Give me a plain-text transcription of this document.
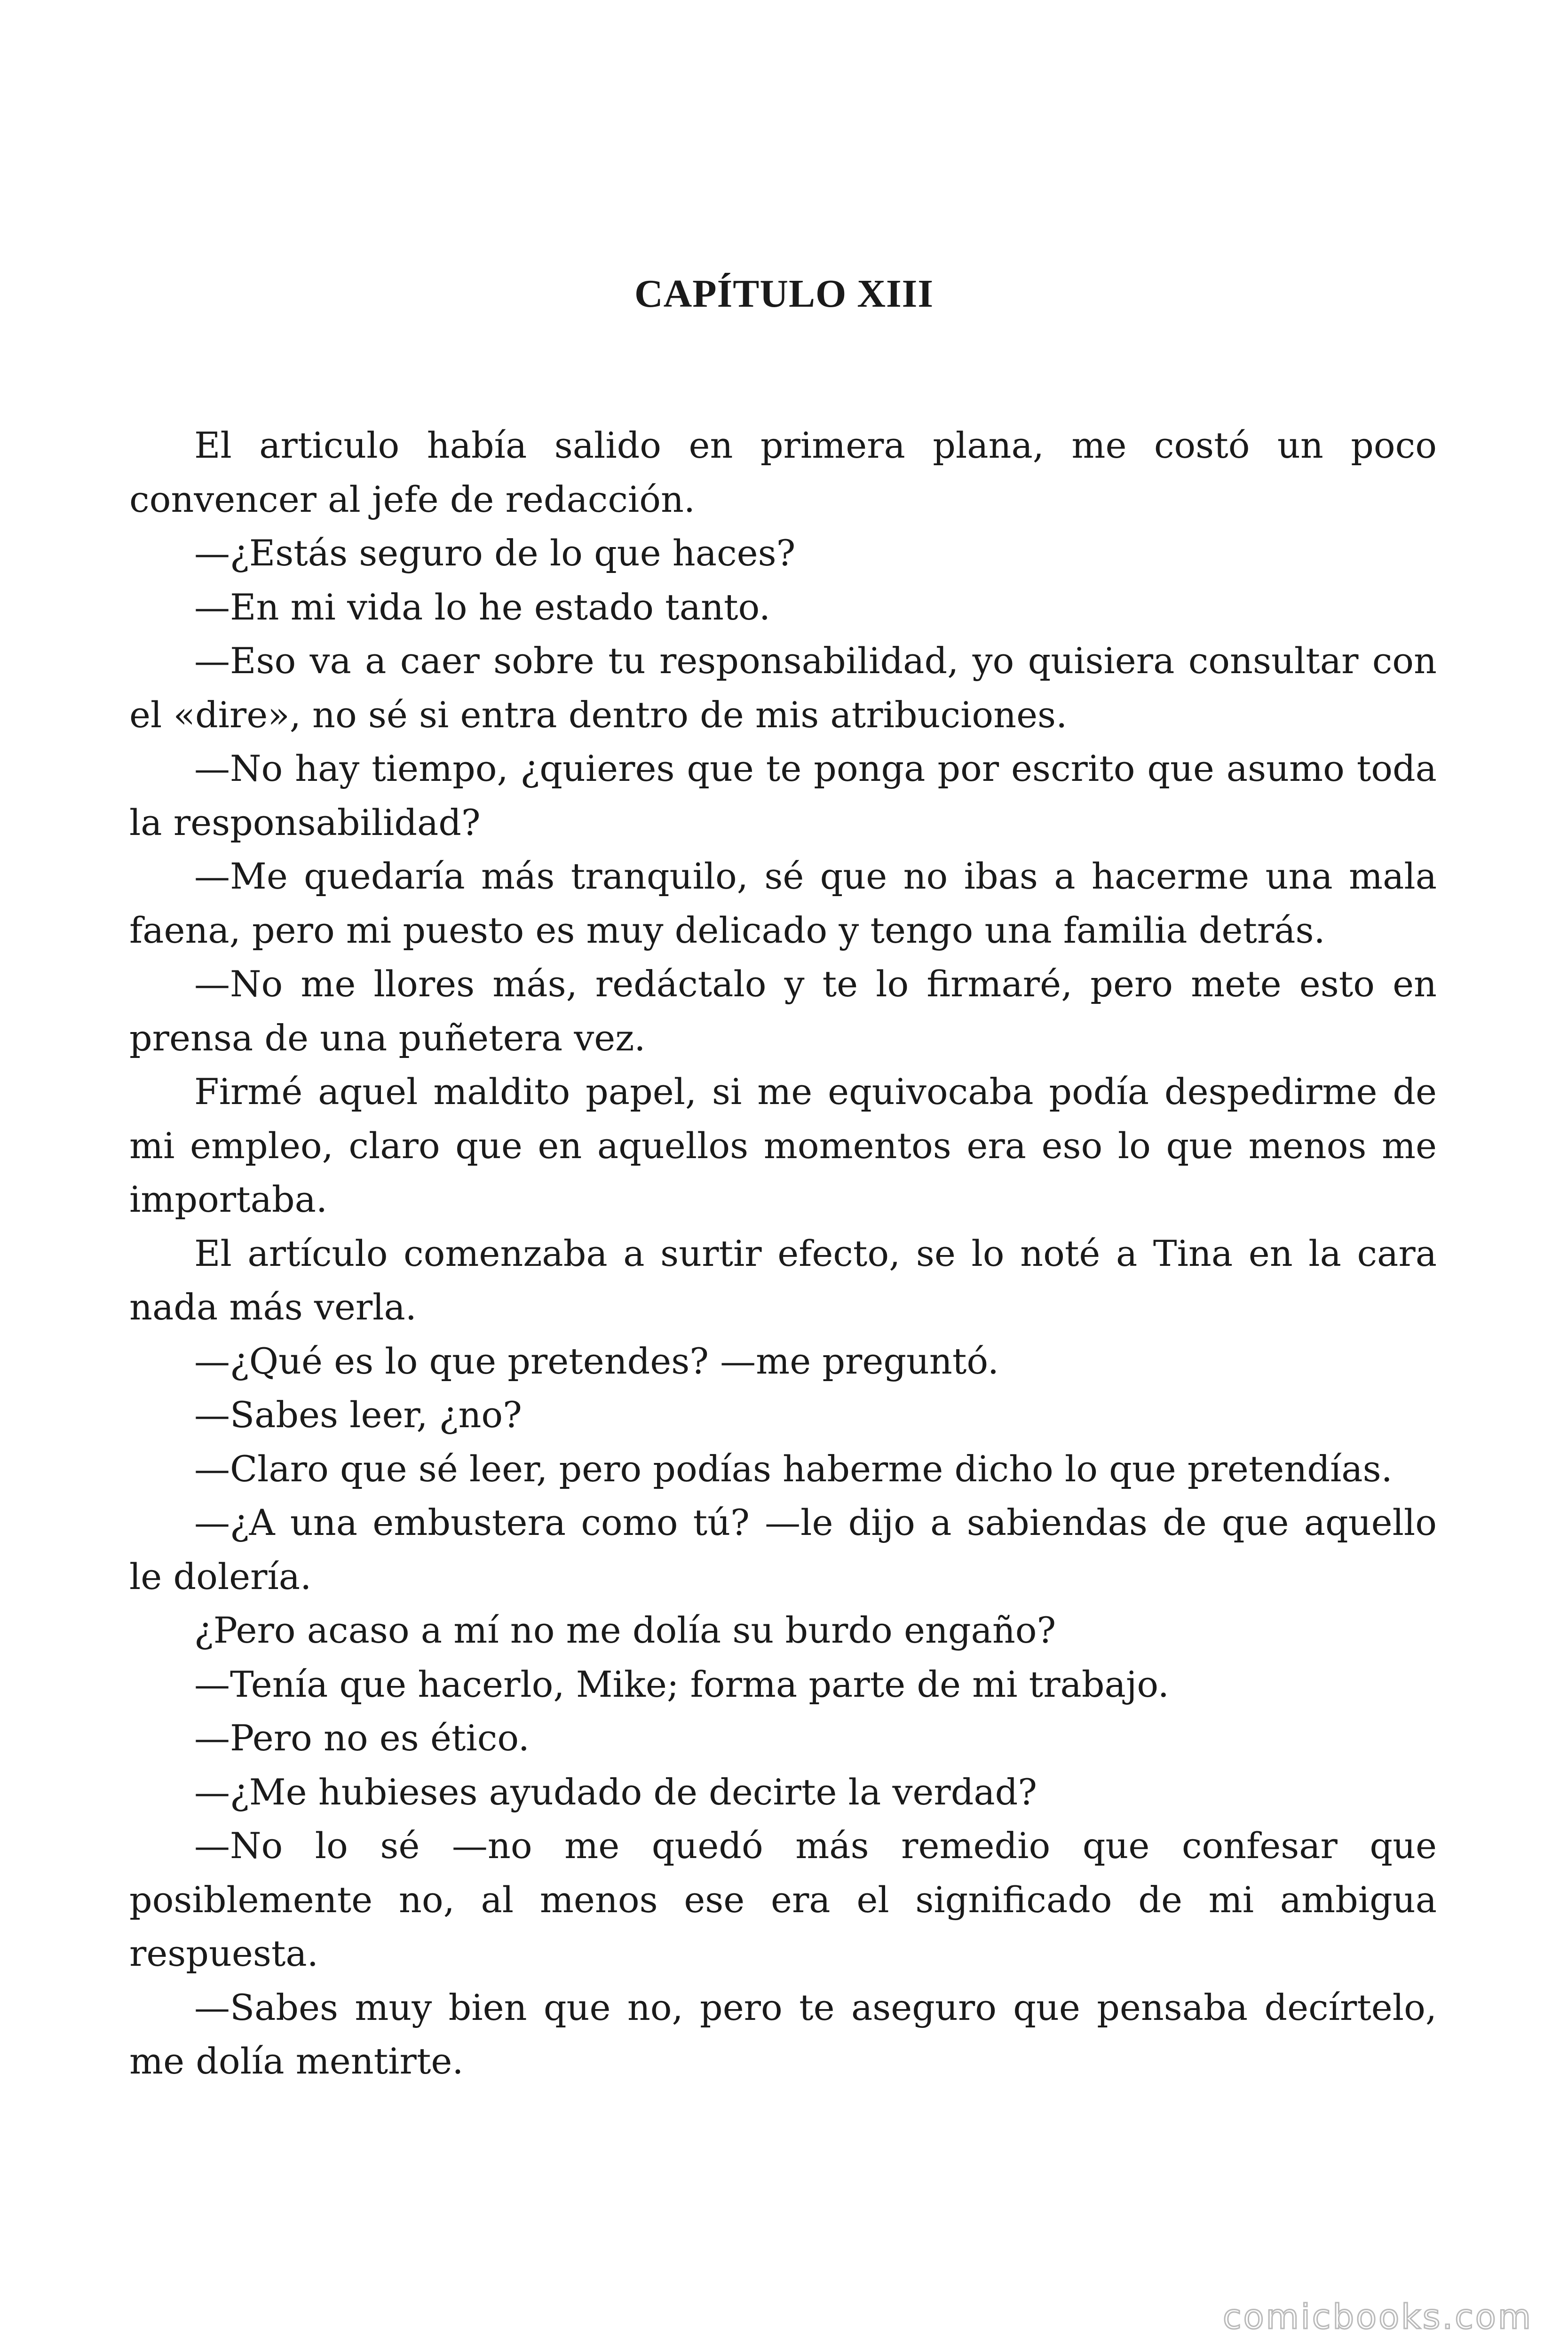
CAPÍTULO XIII

El articulo había salido en primera plana, me costó un poco convencer al jefe de redacción.

—¿Estás seguro de lo que haces?

—En mi vida lo he estado tanto.

—Eso va a caer sobre tu responsabilidad, yo quisiera consultar con el «dire», no sé si entra dentro de mis atribuciones.

—No hay tiempo, ¿quieres que te ponga por escrito que asumo toda la responsabilidad?

—Me quedaría más tranquilo, sé que no ibas a hacerme una mala faena, pero mi puesto es muy delicado y tengo una familia detrás.

—No me llores más, redáctalo y te lo firmaré, pero mete esto en prensa de una puñetera vez.

Firmé aquel maldito papel, si me equivocaba podía despedirme de mi empleo, claro que en aquellos momentos era eso lo que menos me importaba.

El artículo comenzaba a surtir efecto, se lo noté a Tina en la cara nada más verla.

—¿Qué es lo que pretendes? —me preguntó.

—Sabes leer, ¿no?

—Claro que sé leer, pero podías haberme dicho lo que pretendías.

—¿A una embustera como tú? —le dijo a sabiendas de que aquello le dolería.

¿Pero acaso a mí no me dolía su burdo engaño?

—Tenía que hacerlo, Mike; forma parte de mi trabajo.

—Pero no es ético.

—¿Me hubieses ayudado de decirte la verdad?

—No lo sé —no me quedó más remedio que confesar que posiblemente no, al menos ese era el significado de mi ambigua respuesta.

—Sabes muy bien que no, pero te aseguro que pensaba decírtelo, me dolía mentirte.

comicbooks.com
